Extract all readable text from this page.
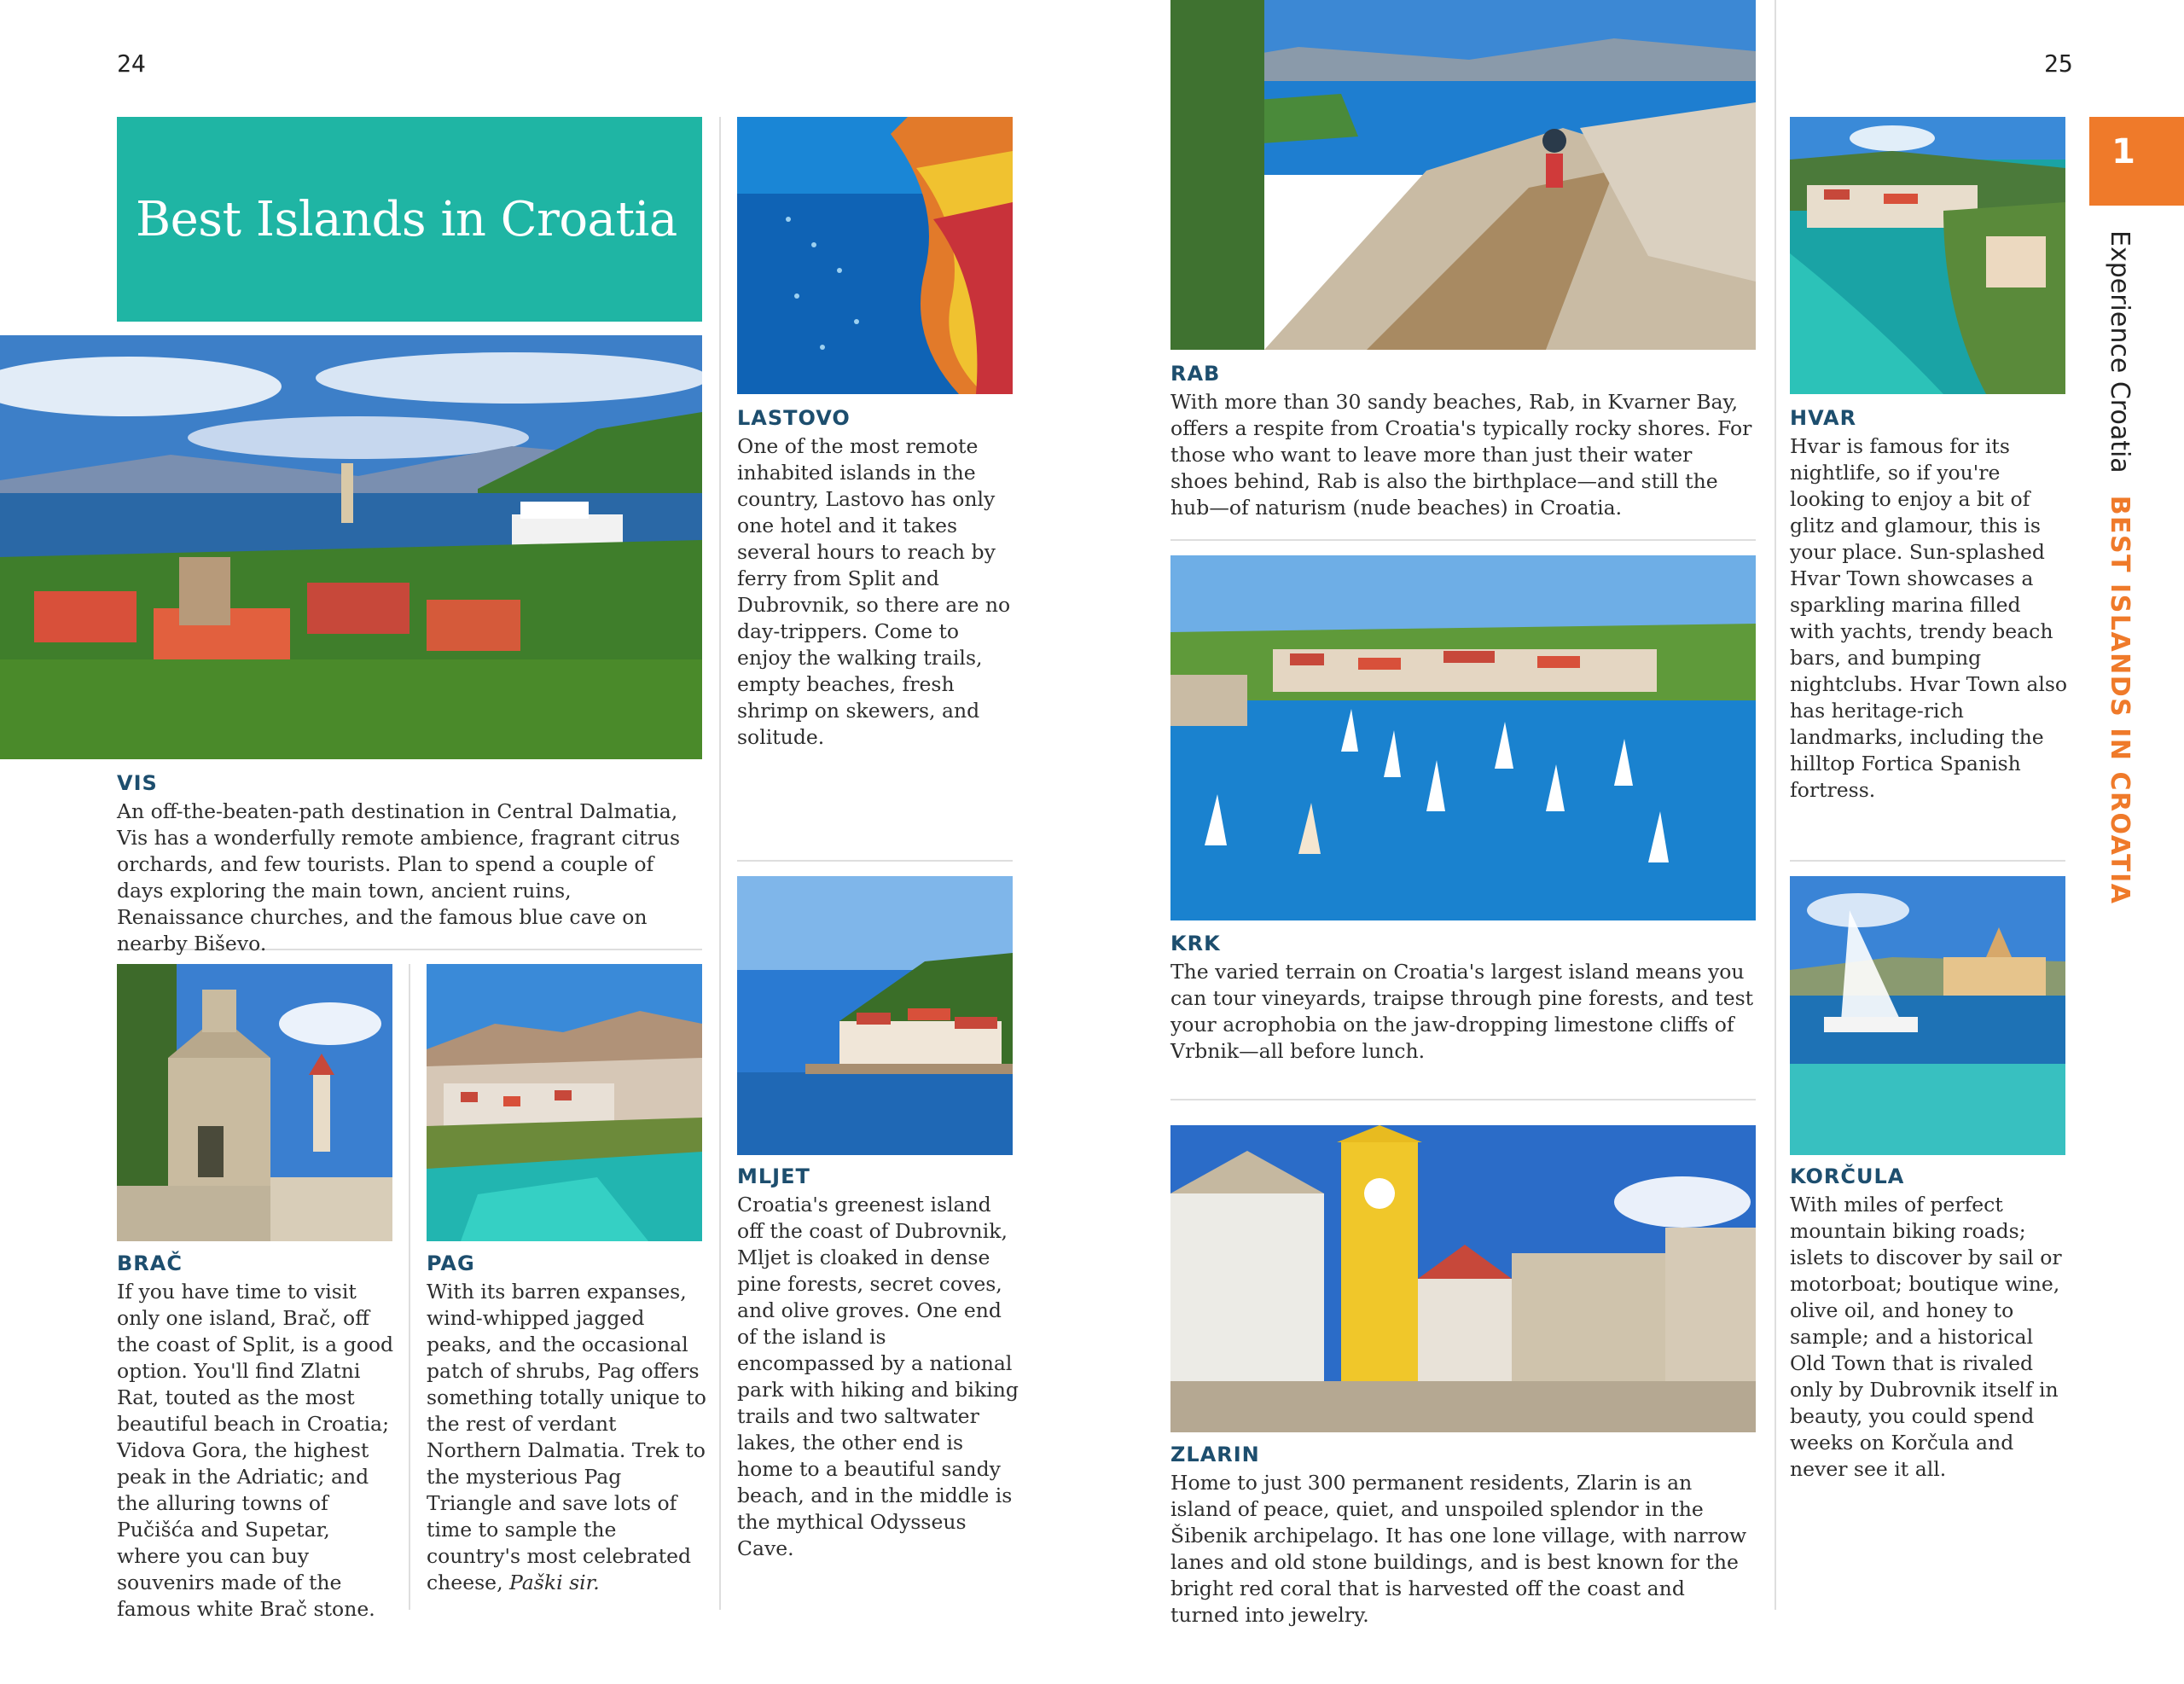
24	25
Best Islands in Croatia
1
Experience CroatiaBEST ISLANDS IN CROATIA

VIS

An off-the-beaten-path destination in Central Dalmatia, Vis has a wonderfully remote ambience, fragrant citrus orchards, and few tourists. Plan to spend a couple of days exploring the main town, ancient ruins, Renaissance churches, and the famous blue cave on nearby Biševo.

LASTOVO

One of the most remote inhabited islands in the country, Lastovo has only one hotel and it takes several hours to reach by ferry from Split and Dubrovnik, so there are no day-trippers. Come to enjoy the walking trails, empty beaches, fresh shrimp on skewers, and solitude.

BRAČ

If you have time to visit only one island, Brač, off the coast of Split, is a good option. You'll find Zlatni Rat, touted as the most beautiful beach in Croatia; Vidova Gora, the highest peak in the Adriatic; and the alluring towns of Pučišća and Supetar, where you can buy souvenirs made of the famous white Brač stone.

PAG

With its barren expanses, wind-whipped jagged peaks, and the occasional patch of shrubs, Pag offers something totally unique to the rest of verdant Northern Dalmatia. Trek to the mysterious Pag Triangle and save lots of time to sample the country's most celebrated cheese, Paški sir.

MLJET

Croatia's greenest island off the coast of Dubrovnik, Mljet is cloaked in dense pine forests, secret coves, and olive groves. One end of the island is encompassed by a national park with hiking and biking trails and two saltwater lakes, the other end is home to a beautiful sandy beach, and in the middle is the mythical Odysseus Cave.

RAB

With more than 30 sandy beaches, Rab, in Kvarner Bay, offers a respite from Croatia's typically rocky shores. For those who want to leave more than just their water shoes behind, Rab is also the birthplace—and still the hub—of naturism (nude beaches) in Croatia.

KRK

The varied terrain on Croatia's largest island means you can tour vineyards, traipse through pine forests, and test your acrophobia on the jaw-dropping limestone cliffs of Vrbnik—all before lunch.

ZLARIN

Home to just 300 permanent residents, Zlarin is an island of peace, quiet, and unspoiled splendor in the Šibenik archipelago. It has one lone village, with narrow lanes and old stone buildings, and is best known for the bright red coral that is harvested off the coast and turned into jewelry.

HVAR

Hvar is famous for its nightlife, so if you're looking to enjoy a bit of glitz and glamour, this is your place. Sun-splashed Hvar Town showcases a sparkling marina filled with yachts, trendy beach bars, and bumping nightclubs. Hvar Town also has heritage-rich landmarks, including the hilltop Fortica Spanish fortress.

KORČULA

With miles of perfect mountain biking roads; islets to discover by sail or motorboat; boutique wine, olive oil, and honey to sample; and a historical Old Town that is rivaled only by Dubrovnik itself in beauty, you could spend weeks on Korčula and never see it all.
